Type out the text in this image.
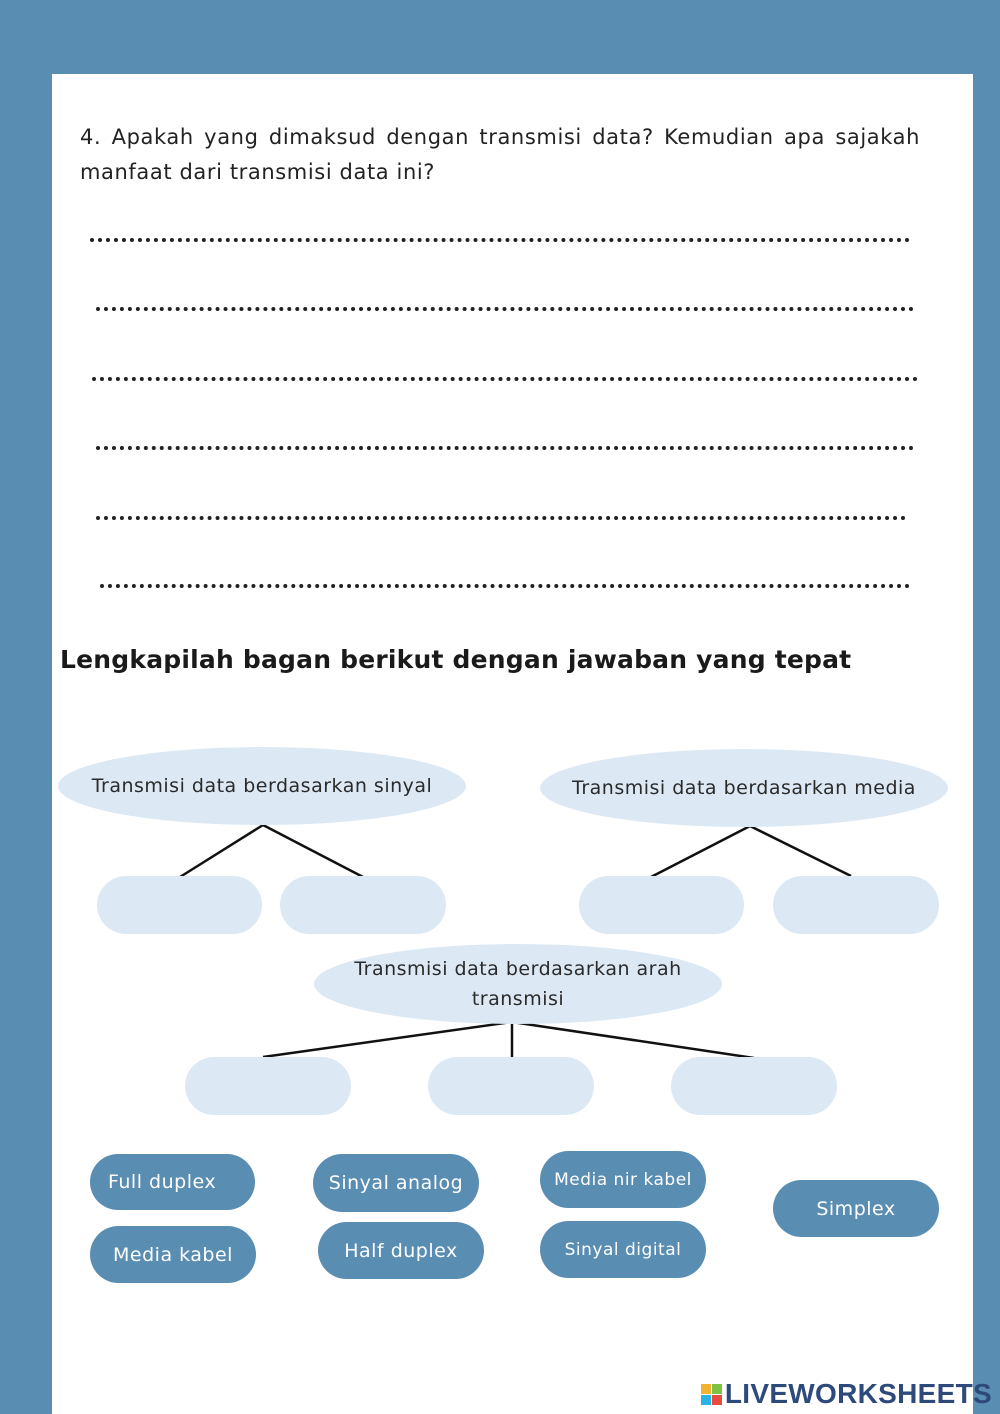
4. Apakah yang dimaksud dengan transmisi data? Kemudian apa sajakah manfaat dari transmisi data ini?
Lengkapilah bagan berikut dengan jawaban yang tepat
Transmisi data berdasarkan sinyal	Transmisi data berdasarkan media
Transmisi data berdasarkan arah transmisi
Full duplex	Sinyal analog	Media nir kabel
Simplex
Media kabel	Half duplex	Sinyal digital
LIVEWORKSHEETS
